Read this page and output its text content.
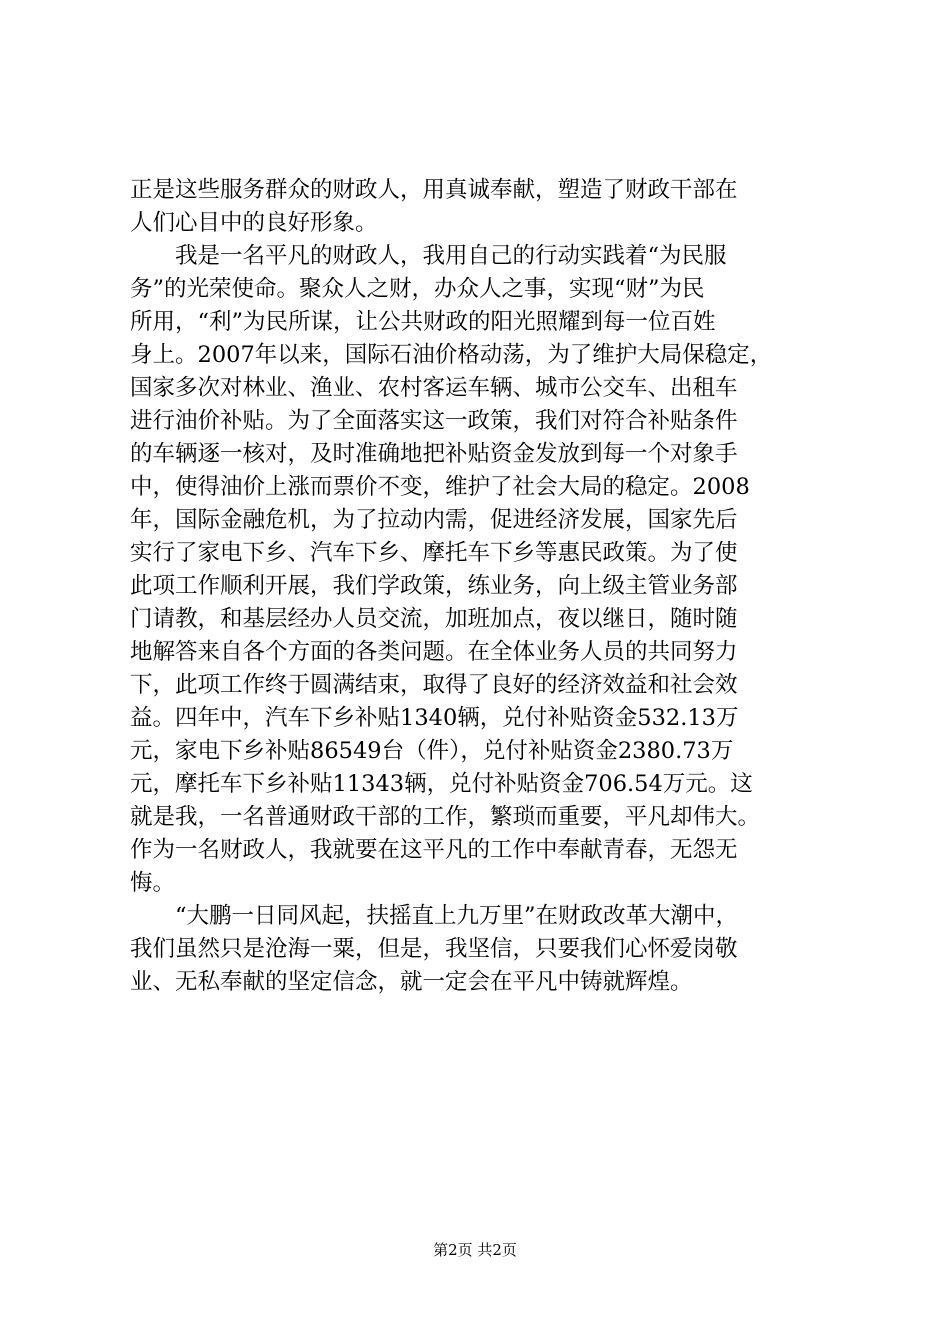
正是这些服务群众的财政人，用真诚奉献，塑造了财政干部在
人们心目中的良好形象。
　　我是一名平凡的财政人，我用自己的行动实践着“为民服
务”的光荣使命。聚众人之财，办众人之事，实现“财”为民
所用，“利”为民所谋，让公共财政的阳光照耀到每一位百姓
身上。2007年以来，国际石油价格动荡，为了维护大局保稳定，
国家多次对林业、渔业、农村客运车辆、城市公交车、出租车
进行油价补贴。为了全面落实这一政策，我们对符合补贴条件
的车辆逐一核对，及时准确地把补贴资金发放到每一个对象手
中，使得油价上涨而票价不变，维护了社会大局的稳定。2008
年，国际金融危机，为了拉动内需，促进经济发展，国家先后
实行了家电下乡、汽车下乡、摩托车下乡等惠民政策。为了使
此项工作顺利开展，我们学政策，练业务，向上级主管业务部
门请教，和基层经办人员交流，加班加点，夜以继日，随时随
地解答来自各个方面的各类问题。在全体业务人员的共同努力
下，此项工作终于圆满结束，取得了良好的经济效益和社会效
益。四年中，汽车下乡补贴1340辆，兑付补贴资金532.13万
元，家电下乡补贴86549台（件），兑付补贴资金2380.73万
元，摩托车下乡补贴11343辆，兑付补贴资金706.54万元。这
就是我，一名普通财政干部的工作，繁琐而重要，平凡却伟大。
作为一名财政人，我就要在这平凡的工作中奉献青春，无怨无
悔。
　　“大鹏一日同风起，扶摇直上九万里”在财政改革大潮中，
我们虽然只是沧海一粟，但是，我坚信，只要我们心怀爱岗敬
业、无私奉献的坚定信念，就一定会在平凡中铸就辉煌。
第2页 共2页
